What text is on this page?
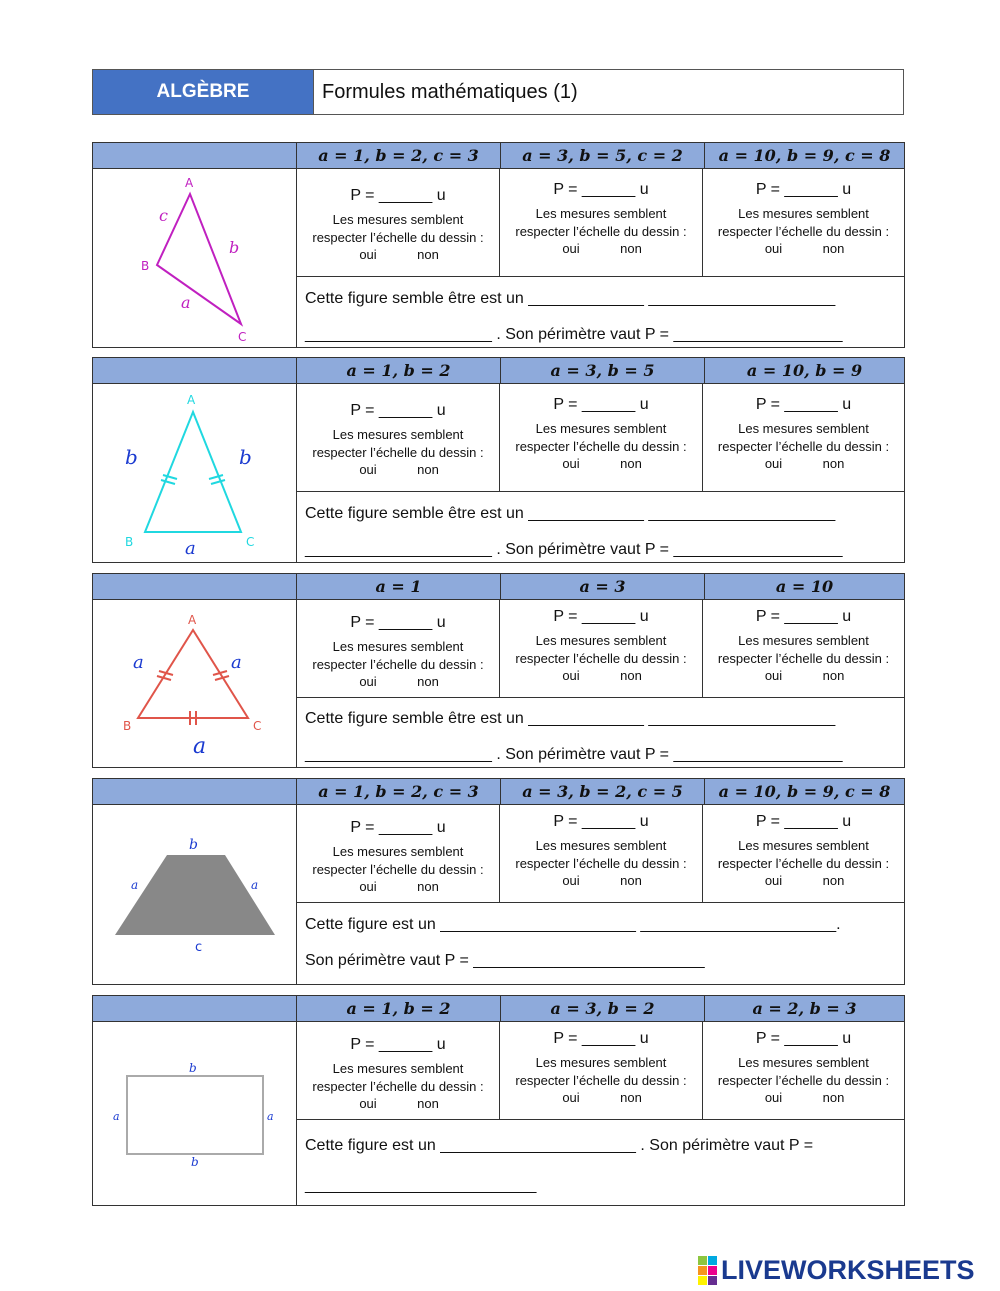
ALGÈBRE	Formules mathématiques (1)
a = 1, b = 2, c = 3	a = 3, b = 5, c = 2	a = 10, b = 9, c = 8
A
B
C
c
b
a
P = ______ u
Les mesures semblent
respecter l’échelle du dessin :
oui	non
P = ______ u
Les mesures semblent
respecter l’échelle du dessin :
oui	non
P = ______ u
Les mesures semblent
respecter l’échelle du dessin :
oui	non
Cette figure semble être est un _____________ _____________________
_____________________ . Son périmètre vaut P = ___________________
a = 1, b = 2	a = 3, b = 5	a = 10, b = 9
A
B	C
b	b
a
P = ______ u
Les mesures semblent
respecter l’échelle du dessin :
oui	non
P = ______ u
Les mesures semblent
respecter l’échelle du dessin :
oui	non
P = ______ u
Les mesures semblent
respecter l’échelle du dessin :
oui	non
Cette figure semble être est un _____________ _____________________
_____________________ . Son périmètre vaut P = ___________________
a = 1	a = 3	a = 10
A
B	C
a	a
a
P = ______ u
Les mesures semblent
respecter l’échelle du dessin :
oui	non
P = ______ u
Les mesures semblent
respecter l’échelle du dessin :
oui	non
P = ______ u
Les mesures semblent
respecter l’échelle du dessin :
oui	non
Cette figure semble être est un _____________ _____________________
_____________________ . Son périmètre vaut P = ___________________
a = 1, b = 2, c = 3	a = 3, b = 2, c = 5	a = 10, b = 9, c = 8
b
a	a
c
P = ______ u
Les mesures semblent
respecter l’échelle du dessin :
oui	non
P = ______ u
Les mesures semblent
respecter l’échelle du dessin :
oui	non
P = ______ u
Les mesures semblent
respecter l’échelle du dessin :
oui	non
Cette figure est un ______________________ ______________________.
Son périmètre vaut P = __________________________
a = 1, b = 2	a = 3, b = 2	a = 2, b = 3
b
a	a
b
P = ______ u
Les mesures semblent
respecter l’échelle du dessin :
oui	non
P = ______ u
Les mesures semblent
respecter l’échelle du dessin :
oui	non
P = ______ u
Les mesures semblent
respecter l’échelle du dessin :
oui	non
Cette figure est un ______________________ . Son périmètre vaut P =
__________________________
LIVEWORKSHEETS
